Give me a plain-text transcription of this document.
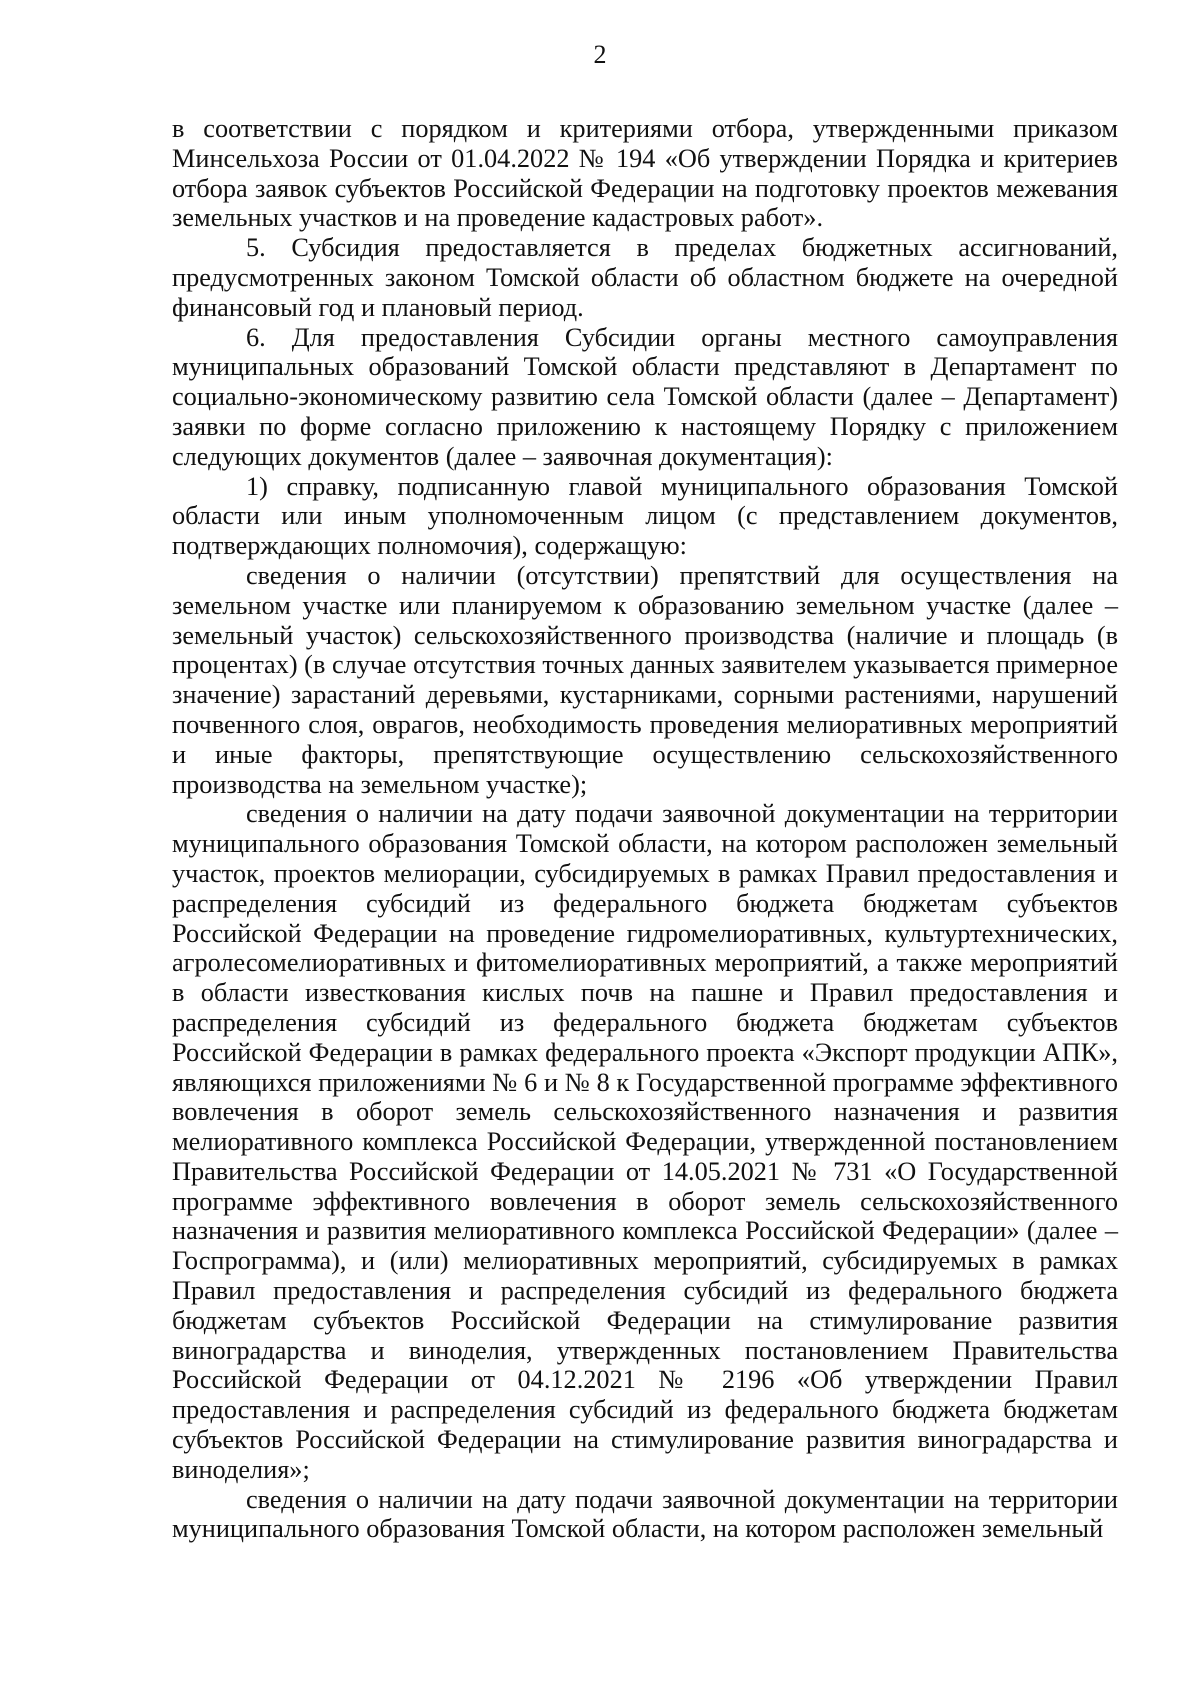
2

в соответствии с порядком и критериями отбора, утвержденными приказом Минсельхоза России от 01.04.2022 № 194 «Об утверждении Порядка и критериев отбора заявок субъектов Российской Федерации на подготовку проектов межевания земельных участков и на проведение кадастровых работ».

5. Субсидия предоставляется в пределах бюджетных ассигнований, предусмотренных законом Томской области об областном бюджете на очередной финансовый год и плановый период.

6. Для предоставления Субсидии органы местного самоуправления муниципальных образований Томской области представляют в Департамент по социально-экономическому развитию села Томской области (далее – Департамент) заявки по форме согласно приложению к настоящему Порядку с приложением следующих документов (далее – заявочная документация):

1) справку, подписанную главой муниципального образования Томской области или иным уполномоченным лицом (с представлением документов, подтверждающих полномочия), содержащую:

сведения о наличии (отсутствии) препятствий для осуществления на земельном участке или планируемом к образованию земельном участке (далее – земельный участок) сельскохозяйственного производства (наличие и площадь (в процентах) (в случае отсутствия точных данных заявителем указывается примерное значение) зарастаний деревьями, кустарниками, сорными растениями, нарушений почвенного слоя, оврагов, необходимость проведения мелиоративных мероприятий и иные факторы, препятствующие осуществлению сельскохозяйственного производства на земельном участке);

сведения о наличии на дату подачи заявочной документации на территории муниципального образования Томской области, на котором расположен земельный участок, проектов мелиорации, субсидируемых в рамках Правил предоставления и распределения субсидий из федерального бюджета бюджетам субъектов Российской Федерации на проведение гидромелиоративных, культуртехнических, агролесомелиоративных и фитомелиоративных мероприятий, а также мероприятий в области известкования кислых почв на пашне и Правил предоставления и распределения субсидий из федерального бюджета бюджетам субъектов Российской Федерации в рамках федерального проекта «Экспорт продукции АПК», являющихся приложениями № 6 и № 8 к Государственной программе эффективного вовлечения в оборот земель сельскохозяйственного назначения и развития мелиоративного комплекса Российской Федерации, утвержденной постановлением Правительства Российской Федерации от 14.05.2021 № 731 «О Государственной программе эффективного вовлечения в оборот земель сельскохозяйственного назначения и развития мелиоративного комплекса Российской Федерации» (далее – Госпрограмма), и (или) мелиоративных мероприятий, субсидируемых в рамках Правил предоставления и распределения субсидий из федерального бюджета бюджетам субъектов Российской Федерации на стимулирование развития виноградарства и виноделия, утвержденных постановлением Правительства Российской Федерации от 04.12.2021 № 2196 «Об утверждении Правил предоставления и распределения субсидий из федерального бюджета бюджетам субъектов Российской Федерации на стимулирование развития виноградарства и виноделия»;

сведения о наличии на дату подачи заявочной документации на территории муниципального образования Томской области, на котором расположен земельный
